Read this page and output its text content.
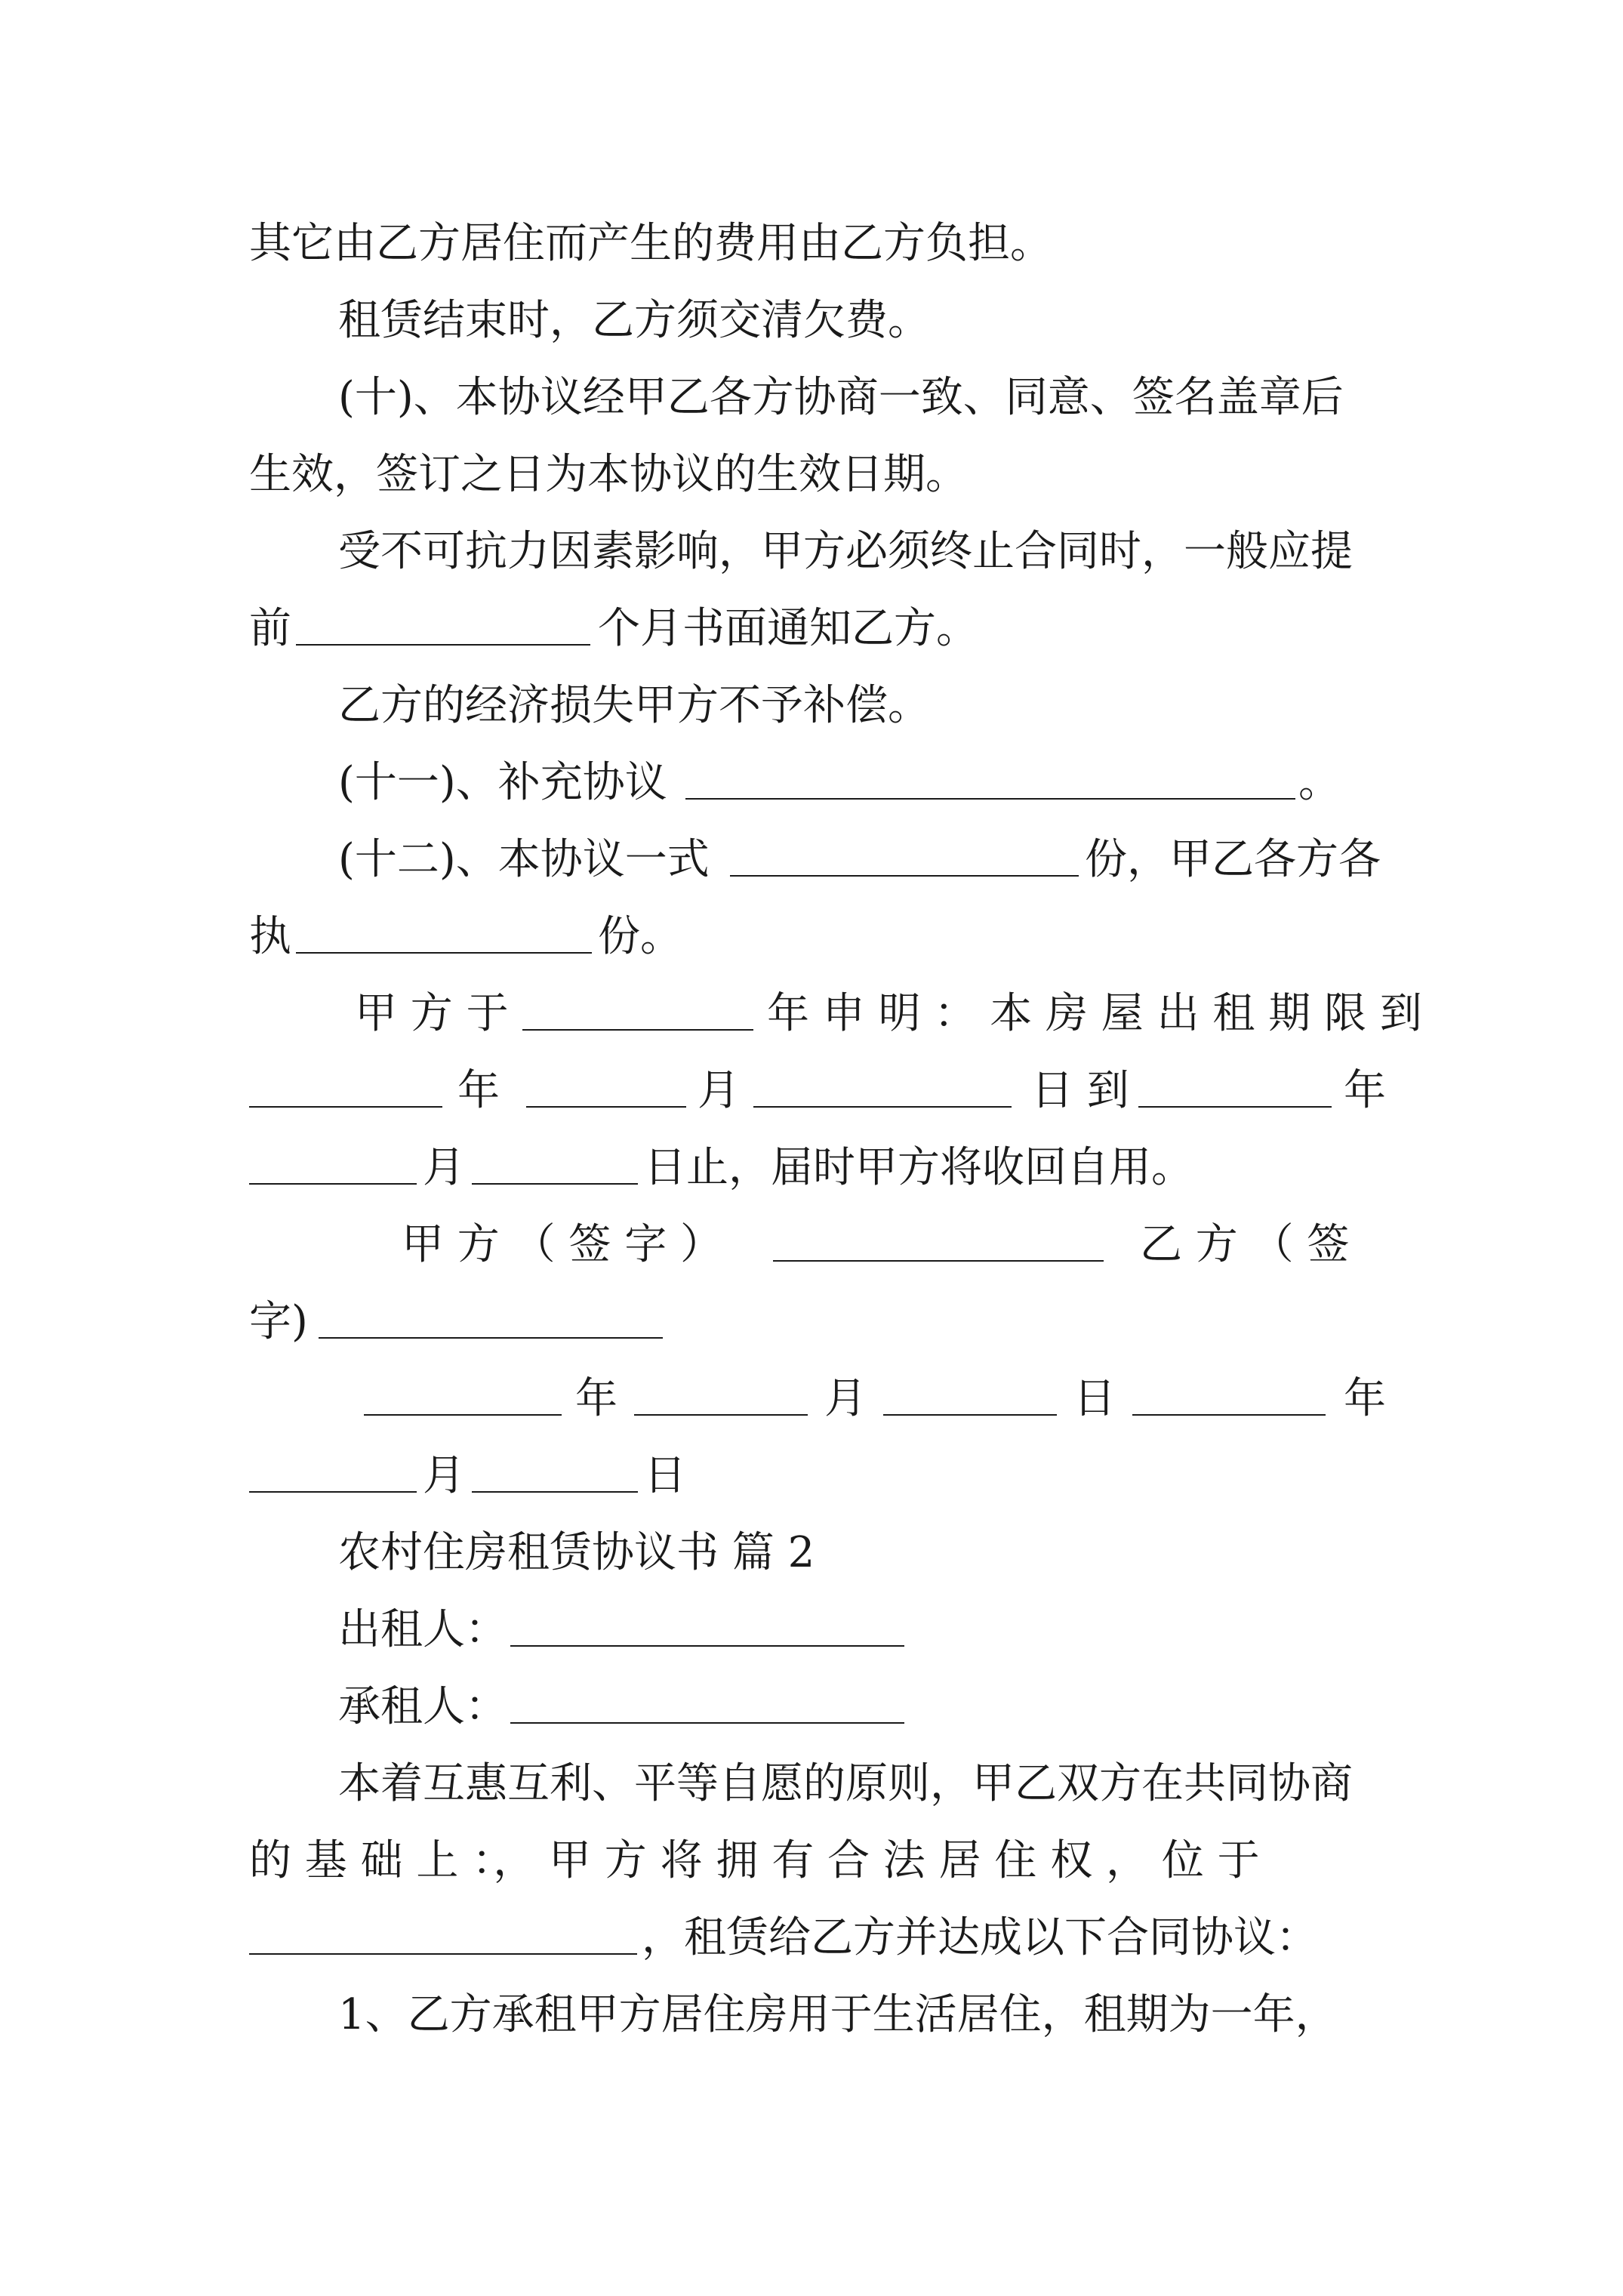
其它由乙方居住而产生的费用由乙方负担。
租赁结束时，乙方须交清欠费。
(十)、本协议经甲乙各方协商一致、同意、签名盖章后
生效，签订之日为本协议的生效日期。
受不可抗力因素影响，甲方必须终止合同时，一般应提
前	个月书面通知乙方。
乙方的经济损失甲方不予补偿。
(十一)、补充协议	。
(十二)、本协议一式	份，甲乙各方各
执	份。
甲 方 于	年 申 明 ： 本 房 屋 出 租 期 限 到
年	月	日 到	年
月	日止，届时甲方将收回自用。
甲 方 （ 签 字 ）	乙 方 （ 签
字)
年	月	日	年
月	日
农村住房租赁协议书 篇 2
出租人：
承租人：
本着互惠互利、平等自愿的原则，甲乙双方在共同协商
的 基 础 上 ：， 甲 方 将 拥 有 合 法 居 住 权 ， 位 于
，租赁给乙方并达成以下合同协议：
1、乙方承租甲方居住房用于生活居住，租期为一年，
